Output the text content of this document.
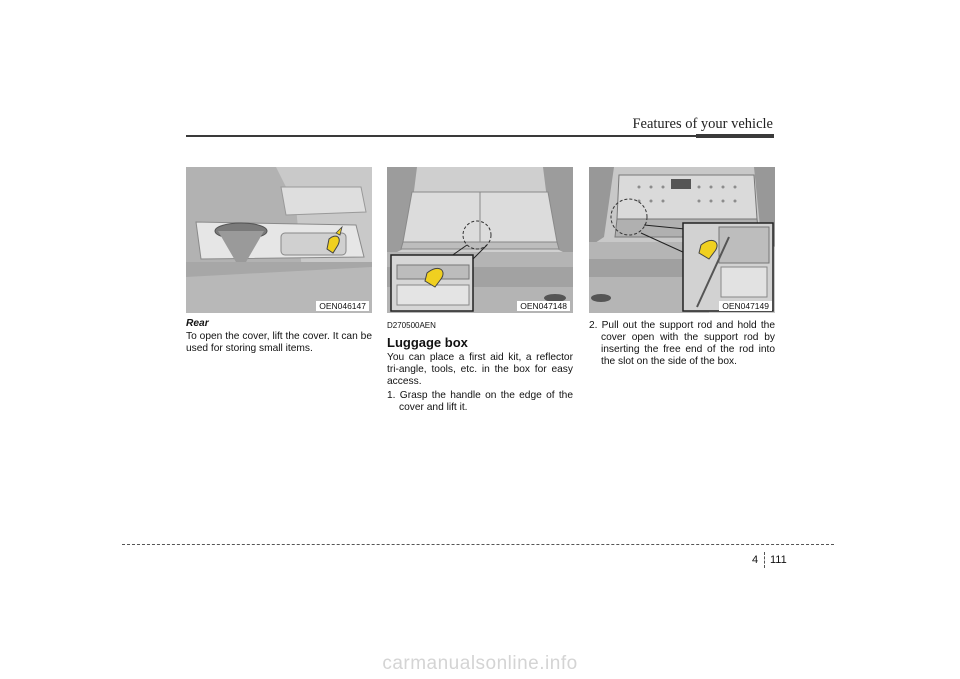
Features of your vehicle
OEN046147	OEN047148	OEN047149
Rear
To open the cover, lift the cover. It can be used for storing small items.
D270500AEN
Luggage box
You can place a first aid kit, a reflector tri-angle, tools, etc. in the box for easy access.
1. Grasp the handle on the edge of the cover and lift it.
2. Pull out the support rod and hold the cover open with the support rod by inserting the free end of the rod into the slot on the side of the box.
4 111
carmanualsonline.info
